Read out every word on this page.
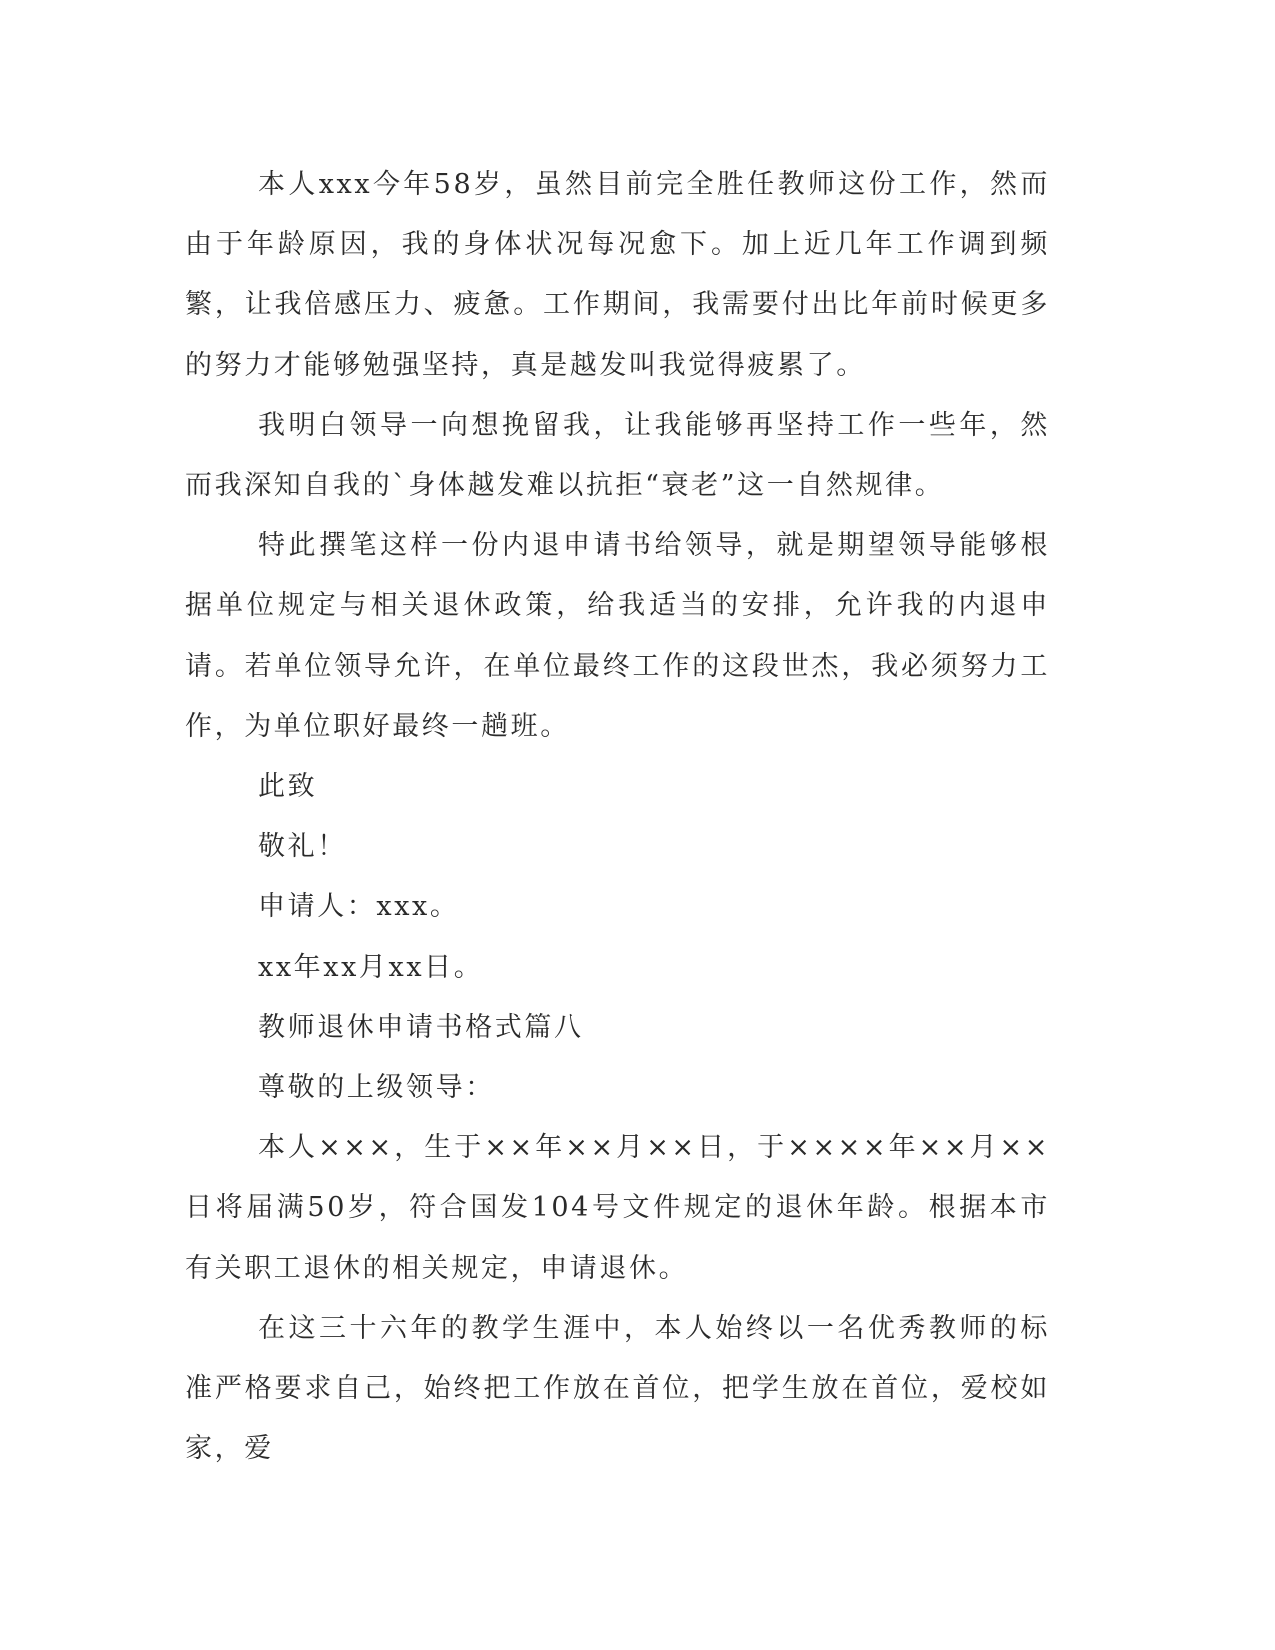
本人xxx今年58岁，虽然目前完全胜任教师这份工作，然而由于年龄原因，我的身体状况每况愈下。加上近几年工作调到频繁，让我倍感压力、疲惫。工作期间，我需要付出比年前时候更多的努力才能够勉强坚持，真是越发叫我觉得疲累了。

我明白领导一向想挽留我，让我能够再坚持工作一些年，然而我深知自我的`身体越发难以抗拒“衰老”这一自然规律。

特此撰笔这样一份内退申请书给领导，就是期望领导能够根据单位规定与相关退休政策，给我适当的安排，允许我的内退申请。若单位领导允许，在单位最终工作的这段世杰，我必须努力工作，为单位职好最终一趟班。

此致

敬礼！

申请人：xxx。

xx年xx月xx日。

教师退休申请书格式篇八

尊敬的上级领导：

本人×××，生于××年××月××日，于××××年××月××日将届满50岁，符合国发104号文件规定的退休年龄。根据本市有关职工退休的相关规定，申请退休。

在这三十六年的教学生涯中，本人始终以一名优秀教师的标准严格要求自己，始终把工作放在首位，把学生放在首位，爱校如家，爱
